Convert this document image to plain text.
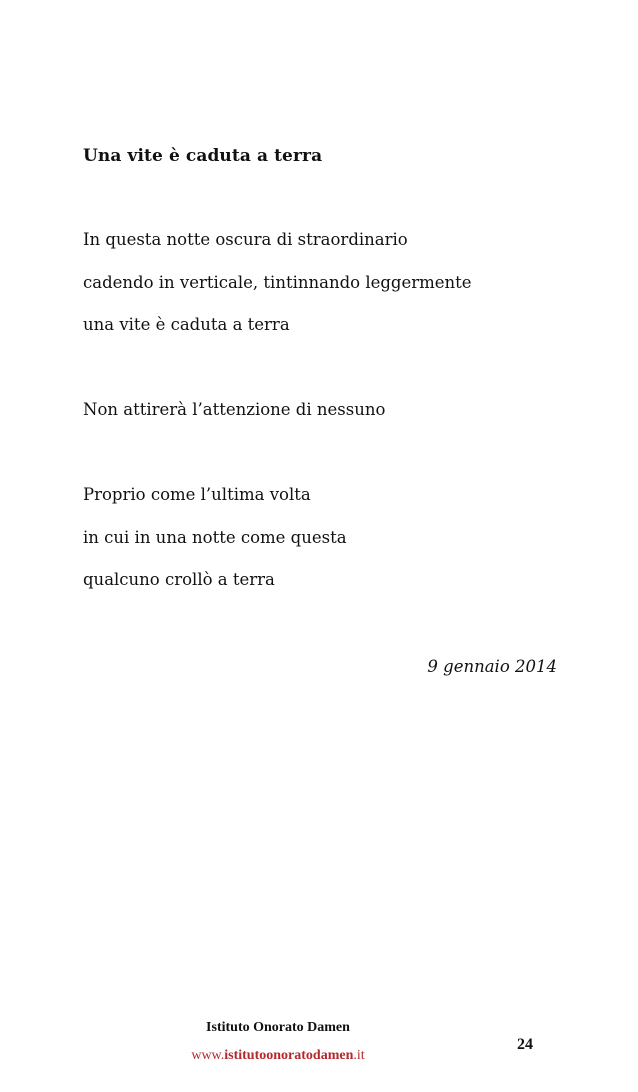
Una vite è caduta a terra
In questa notte oscura di straordinario
cadendo in verticale, tintinnando leggermente
una vite è caduta a terra
Non attirerà l’attenzione di nessuno
Proprio come l’ultima volta
in cui in una notte come questa
qualcuno crollò a terra
9 gennaio 2014
Istituto Onorato Damen
www.istitutoonoratodamen.it
24
